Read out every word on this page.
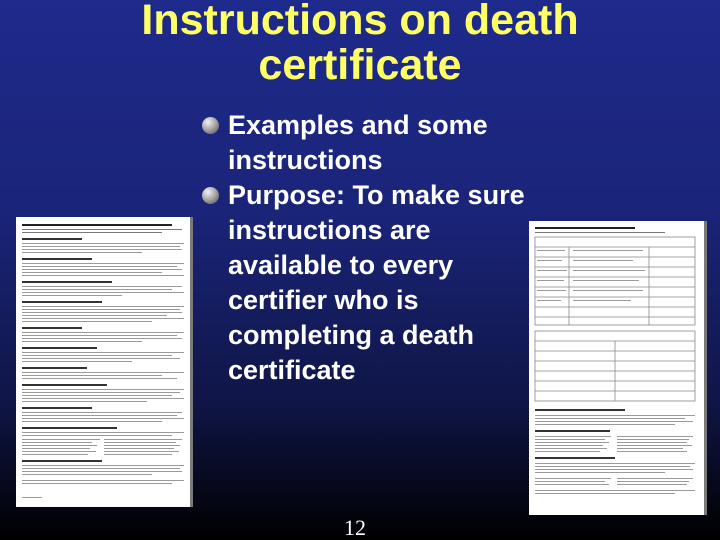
Instructions on death
certificate
Examples and some
instructions
Purpose: To make sure
instructions are
available to every
certifier who is
completing a death
certificate
12
